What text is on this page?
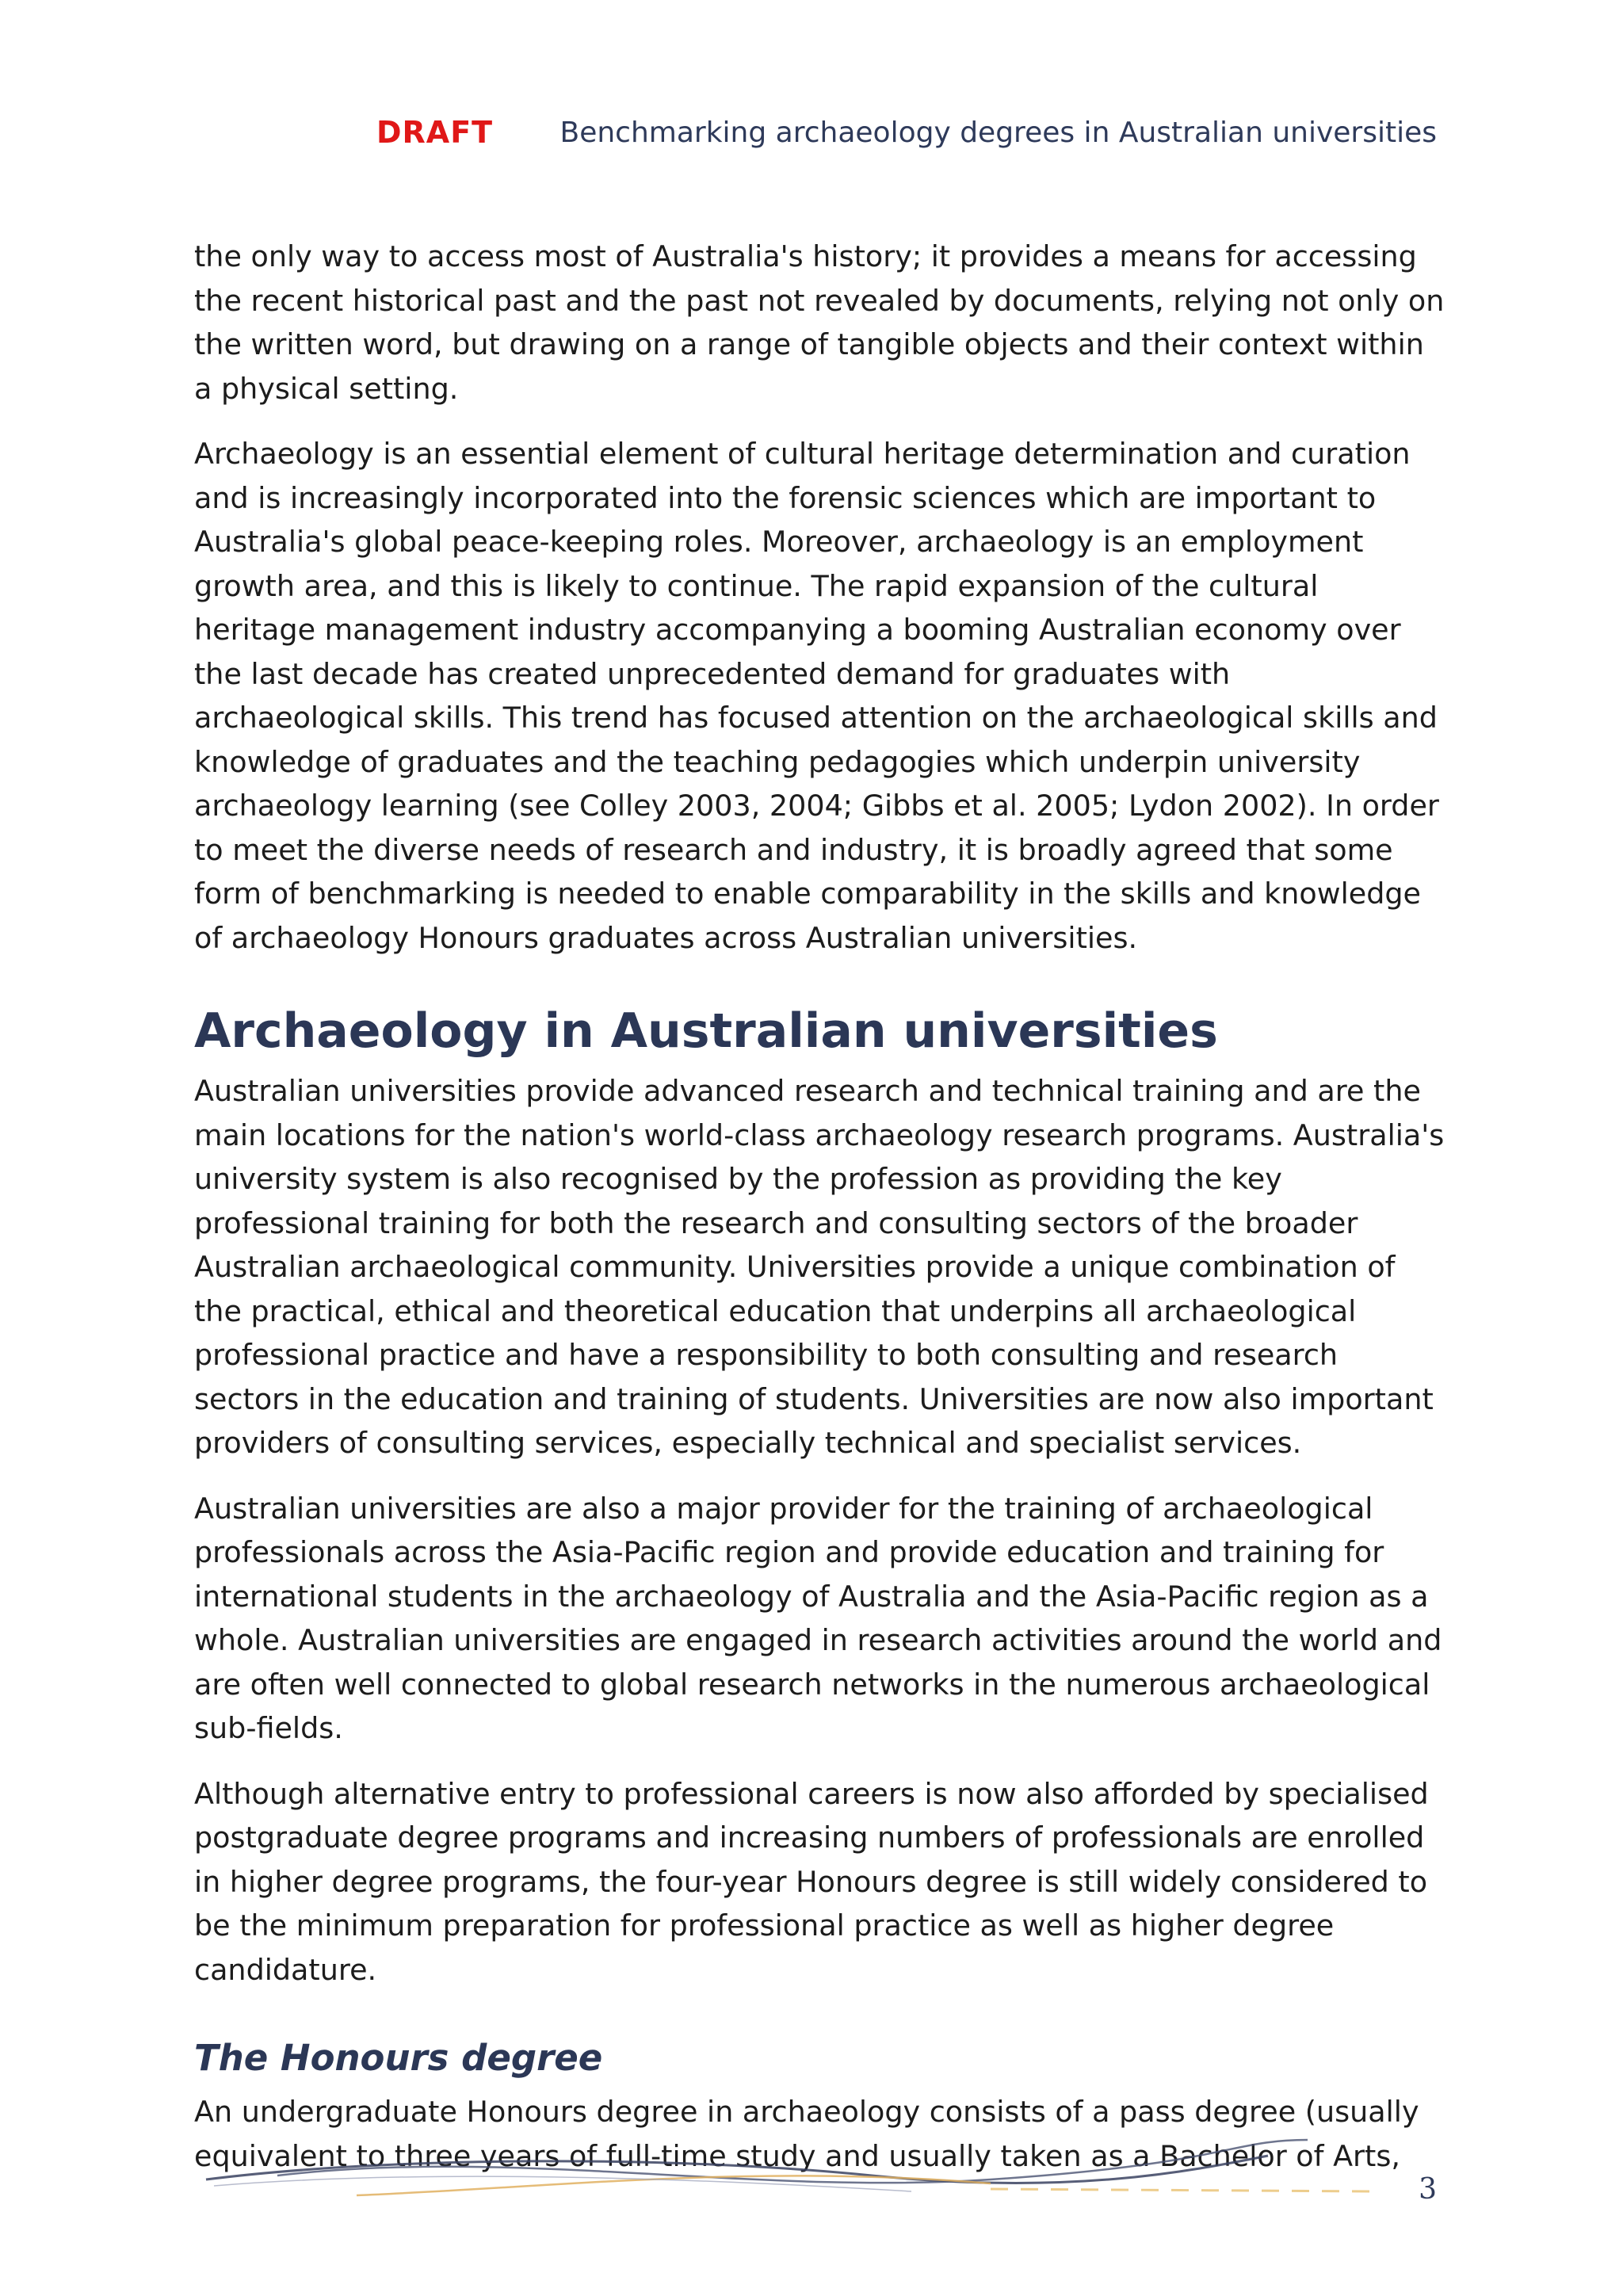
DRAFT Benchmarking archaeology degrees in Australian universities

the only way to access most of Australia's history; it provides a means for accessing the recent historical past and the past not revealed by documents, relying not only on the written word, but drawing on a range of tangible objects and their context within a physical setting.

Archaeology is an essential element of cultural heritage determination and curation and is increasingly incorporated into the forensic sciences which are important to Australia's global peace-keeping roles. Moreover, archaeology is an employment growth area, and this is likely to continue. The rapid expansion of the cultural heritage management industry accompanying a booming Australian economy over the last decade has created unprecedented demand for graduates with archaeological skills. This trend has focused attention on the archaeological skills and knowledge of graduates and the teaching pedagogies which underpin university archaeology learning (see Colley 2003, 2004; Gibbs et al. 2005; Lydon 2002). In order to meet the diverse needs of research and industry, it is broadly agreed that some form of benchmarking is needed to enable comparability in the skills and knowledge of archaeology Honours graduates across Australian universities.

Archaeology in Australian universities

Australian universities provide advanced research and technical training and are the main locations for the nation's world-class archaeology research programs. Australia's university system is also recognised by the profession as providing the key professional training for both the research and consulting sectors of the broader Australian archaeological community. Universities provide a unique combination of the practical, ethical and theoretical education that underpins all archaeological professional practice and have a responsibility to both consulting and research sectors in the education and training of students. Universities are now also important providers of consulting services, especially technical and specialist services.

Australian universities are also a major provider for the training of archaeological professionals across the Asia-Pacific region and provide education and training for international students in the archaeology of Australia and the Asia-Pacific region as a whole. Australian universities are engaged in research activities around the world and are often well connected to global research networks in the numerous archaeological sub-fields.

Although alternative entry to professional careers is now also afforded by specialised postgraduate degree programs and increasing numbers of professionals are enrolled in higher degree programs, the four-year Honours degree is still widely considered to be the minimum preparation for professional practice as well as higher degree candidature.

The Honours degree

An undergraduate Honours degree in archaeology consists of a pass degree (usually equivalent to three years of full-time study and usually taken as a Bachelor of Arts,

3
